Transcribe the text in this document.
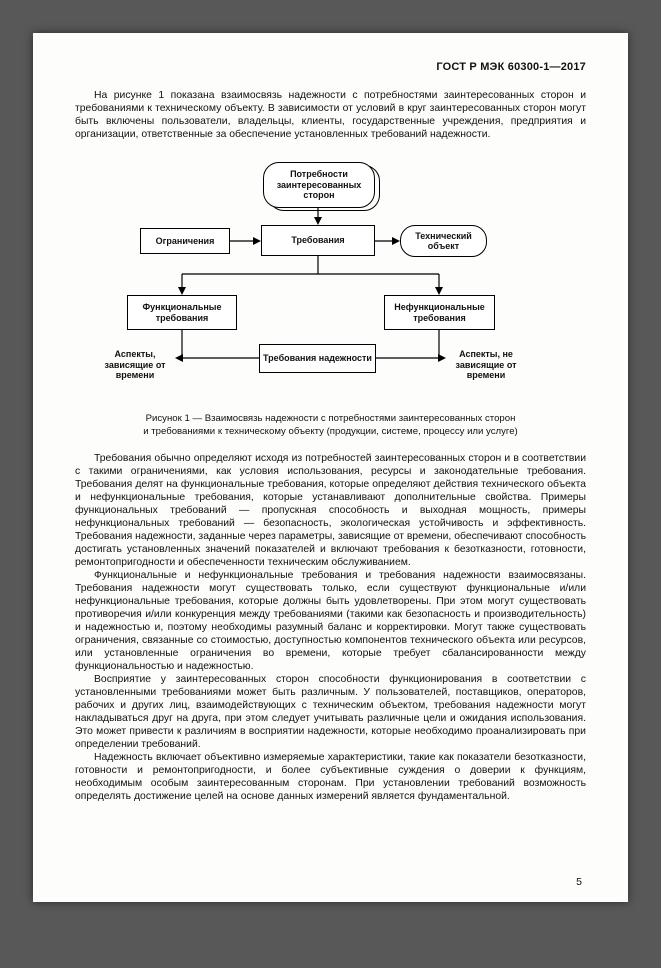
ГОСТ Р МЭК 60300-1—2017

На рисунке 1 показана взаимосвязь надежности с потребностями заинтересованных сторон и требованиями к техническому объекту. В зависимости от условий в круг заинтересованных сторон могут быть включены пользователи, владельцы, клиенты, государственные учреждения, предприятия и организации, ответственные за обеспечение установленных требований надежности.

Потребности заинтересованных сторон
Ограничения	Требования	Технический объект
Функциональные требования
Нефункциональные требования
Требования надежности
Аспекты, зависящие от времени
Аспекты, не зависящие от времени
Рисунок 1 — Взаимосвязь надежности с потребностями заинтересованных сторон
и требованиями к техническому объекту (продукции, системе, процессу или услуге)

Требования обычно определяют исходя из потребностей заинтересованных сторон и в соответствии с такими ограничениями, как условия использования, ресурсы и законодательные требования. Требования делят на функциональные требования, которые определяют действия технического объекта и нефункциональные требования, которые устанавливают дополнительные свойства. Примеры функциональных требований — пропускная способность и выходная мощность, примеры нефункциональных требований — безопасность, экологическая устойчивость и эффективность. Требования надежности, заданные через параметры, зависящие от времени, обеспечивают способность достигать установленных значений показателей и включают требования к безотказности, готовности, ремонтопригодности и обеспеченности техническим обслуживанием.

Функциональные и нефункциональные требования и требования надежности взаимосвязаны. Требования надежности могут существовать только, если существуют функциональные и/или нефункциональные требования, которые должны быть удовлетворены. При этом могут существовать противоречия и/или конкуренция между требованиями (такими как безопасность и производительность) и надежностью и, поэтому необходимы разумный баланс и корректировки. Могут также существовать ограничения, связанные со стоимостью, доступностью компонентов технического объекта или ресурсов, или установленные ограничения во времени, которые требует сбалансированности между функциональностью и надежностью.

Восприятие у заинтересованных сторон способности функционирования в соответствии с установленными требованиями может быть различным. У пользователей, поставщиков, операторов, рабочих и других лиц, взаимодействующих с техническим объектом, требования надежности могут накладываться друг на друга, при этом следует учитывать различные цели и ожидания использования. Это может привести к различиям в восприятии надежности, которые необходимо проанализировать при определении требований.

Надежность включает объективно измеряемые характеристики, такие как показатели безотказности, готовности и ремонтопригодности, и более субъективные суждения о доверии к функциям, необходимым особым заинтересованным сторонам. При установлении требований возможность определять достижение целей на основе данных измерений является фундаментальной.

5
